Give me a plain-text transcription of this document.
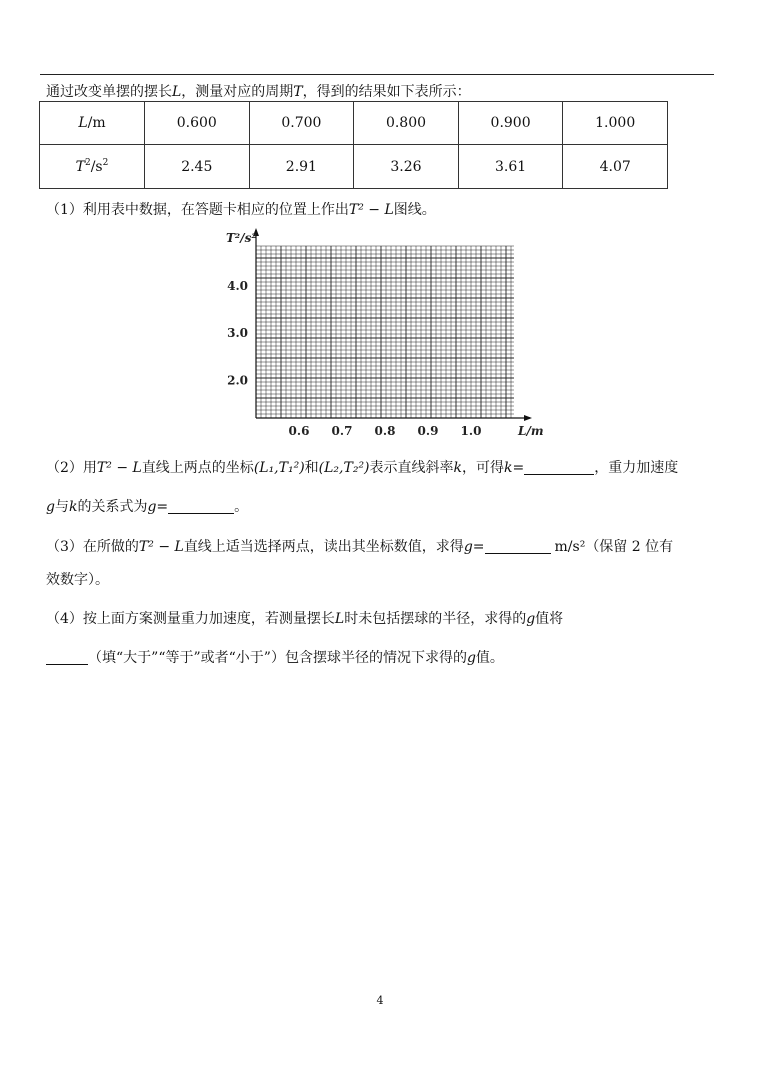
通过改变单摆的摆长L，测量对应的周期T，得到的结果如下表所示：
L/m	0.600	0.700	0.800	0.900	1.000
$T^2/s^2$	2.45	2.91	3.26	3.61	4.07
（1）利用表中数据，在答题卡相应的位置上作出T² − L图线。
0.6 0.7 0.8 0.9 1.0
2.0
3.0
4.0
L/m
T²/s²
（2）用T² − L直线上两点的坐标(L₁,T₁²)和(L₂,T₂²)表示直线斜率k，可得k=	，重力加速度
g与k的关系式为g=	。
（3）在所做的T² − L直线上适当选择两点，读出其坐标数值，求得g=	m/s²（保留 2 位有
效数字）。
（4）按上面方案测量重力加速度，若测量摆长L时未包括摆球的半径，求得的g值将
（填“大于”“等于”或者“小于”）包含摆球半径的情况下求得的g值。
4
